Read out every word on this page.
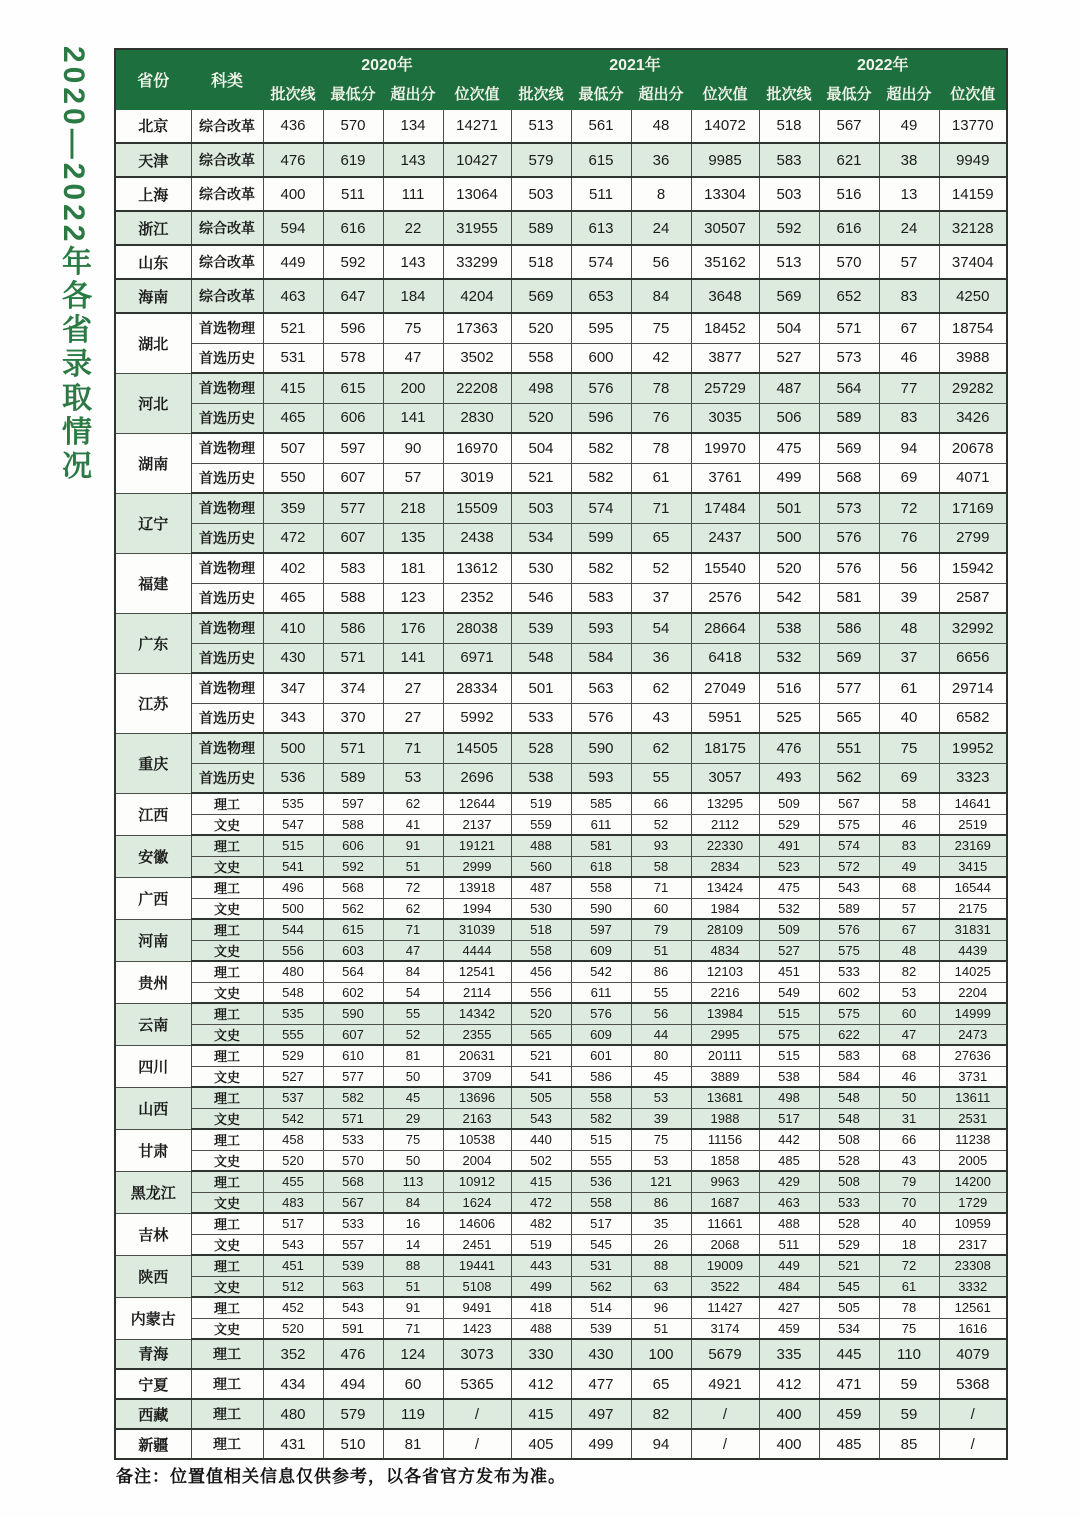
2020—2022年各省录取情况	省份	科类	2020年				2021年				2022年			
		批次线	最低分	超出分	位次值	批次线	最低分	超出分	位次值	批次线	最低分	超出分	位次值
北京	综合改革	436	570	134	14271	513	561	48	14072	518	567	49	13770
天津	综合改革	476	619	143	10427	579	615	36	9985	583	621	38	9949
上海	综合改革	400	511	111	13064	503	511	8	13304	503	516	13	14159
浙江	综合改革	594	616	22	31955	589	613	24	30507	592	616	24	32128
山东	综合改革	449	592	143	33299	518	574	56	35162	513	570	57	37404
海南	综合改革	463	647	184	4204	569	653	84	3648	569	652	83	4250
湖北	首选物理	521	596	75	17363	520	595	75	18452	504	571	67	18754
	首选历史	531	578	47	3502	558	600	42	3877	527	573	46	3988
河北	首选物理	415	615	200	22208	498	576	78	25729	487	564	77	29282
	首选历史	465	606	141	2830	520	596	76	3035	506	589	83	3426
湖南	首选物理	507	597	90	16970	504	582	78	19970	475	569	94	20678
	首选历史	550	607	57	3019	521	582	61	3761	499	568	69	4071
辽宁	首选物理	359	577	218	15509	503	574	71	17484	501	573	72	17169
	首选历史	472	607	135	2438	534	599	65	2437	500	576	76	2799
福建	首选物理	402	583	181	13612	530	582	52	15540	520	576	56	15942
	首选历史	465	588	123	2352	546	583	37	2576	542	581	39	2587
广东	首选物理	410	586	176	28038	539	593	54	28664	538	586	48	32992
	首选历史	430	571	141	6971	548	584	36	6418	532	569	37	6656
江苏	首选物理	347	374	27	28334	501	563	62	27049	516	577	61	29714
	首选历史	343	370	27	5992	533	576	43	5951	525	565	40	6582
重庆	首选物理	500	571	71	14505	528	590	62	18175	476	551	75	19952
	首选历史	536	589	53	2696	538	593	55	3057	493	562	69	3323
江西	理工	535	597	62	12644	519	585	66	13295	509	567	58	14641
	文史	547	588	41	2137	559	611	52	2112	529	575	46	2519
安徽	理工	515	606	91	19121	488	581	93	22330	491	574	83	23169
	文史	541	592	51	2999	560	618	58	2834	523	572	49	3415
广西	理工	496	568	72	13918	487	558	71	13424	475	543	68	16544
	文史	500	562	62	1994	530	590	60	1984	532	589	57	2175
河南	理工	544	615	71	31039	518	597	79	28109	509	576	67	31831
	文史	556	603	47	4444	558	609	51	4834	527	575	48	4439
贵州	理工	480	564	84	12541	456	542	86	12103	451	533	82	14025
	文史	548	602	54	2114	556	611	55	2216	549	602	53	2204
云南	理工	535	590	55	14342	520	576	56	13984	515	575	60	14999
	文史	555	607	52	2355	565	609	44	2995	575	622	47	2473
四川	理工	529	610	81	20631	521	601	80	20111	515	583	68	27636
	文史	527	577	50	3709	541	586	45	3889	538	584	46	3731
山西	理工	537	582	45	13696	505	558	53	13681	498	548	50	13611
	文史	542	571	29	2163	543	582	39	1988	517	548	31	2531
甘肃	理工	458	533	75	10538	440	515	75	11156	442	508	66	11238
	文史	520	570	50	2004	502	555	53	1858	485	528	43	2005
黑龙江	理工	455	568	113	10912	415	536	121	9963	429	508	79	14200
	文史	483	567	84	1624	472	558	86	1687	463	533	70	1729
吉林	理工	517	533	16	14606	482	517	35	11661	488	528	40	10959
	文史	543	557	14	2451	519	545	26	2068	511	529	18	2317
陕西	理工	451	539	88	19441	443	531	88	19009	449	521	72	23308
	文史	512	563	51	5108	499	562	63	3522	484	545	61	3332
内蒙古	理工	452	543	91	9491	418	514	96	11427	427	505	78	12561
	文史	520	591	71	1423	488	539	51	3174	459	534	75	1616
青海	理工	352	476	124	3073	330	430	100	5679	335	445	110	4079
宁夏	理工	434	494	60	5365	412	477	65	4921	412	471	59	5368
西藏	理工	480	579	119	/	415	497	82	/	400	459	59	/
新疆	理工	431	510	81	/	405	499	94	/	400	485	85	/
备注：位置值相关信息仅供参考，以各省官方发布为准。
